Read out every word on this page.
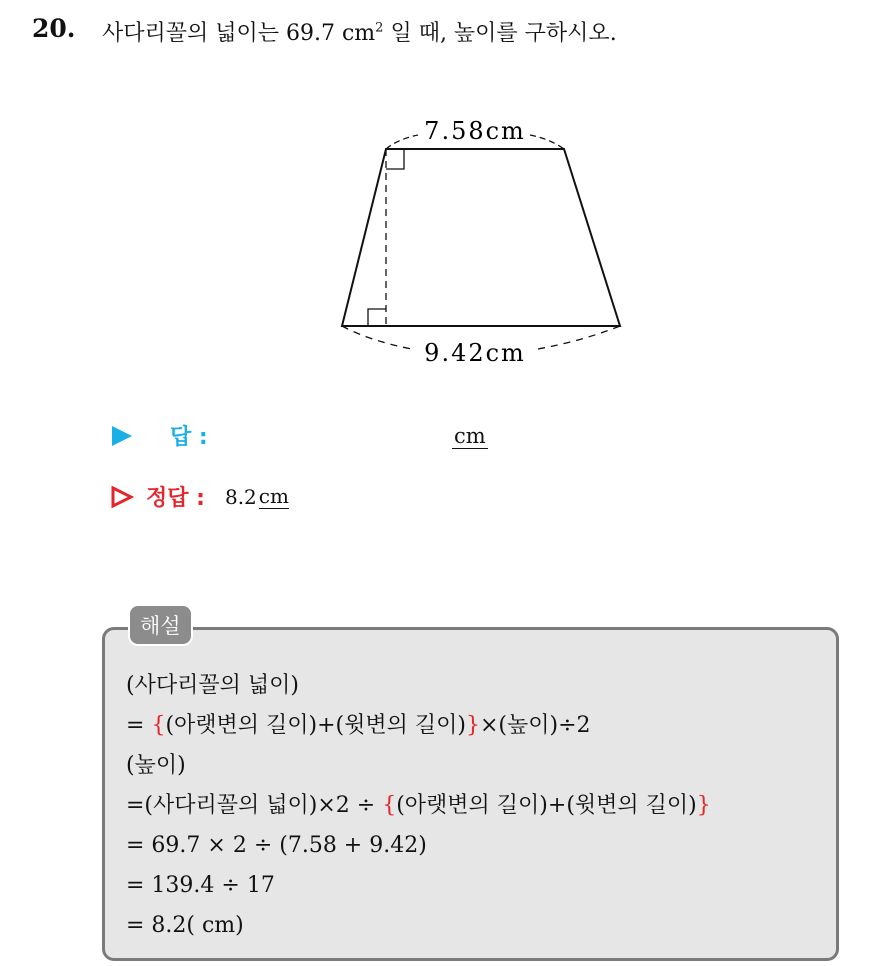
20. 사다리꼴의 넓이는 69.7 $cm^2$ 일 때, 높이를 구하시오.
7.58cm
9.42cm
답 :	cm
정답 : 8.2 cm
해설
(사다리꼴의 넓이)
= {(아랫변의 길이)+(윗변의 길이)}×(높이)÷2
(높이)
=(사다리꼴의 넓이)×2 ÷ {(아랫변의 길이)+(윗변의 길이)}
= 69.7 × 2 ÷ (7.58 + 9.42)
= 139.4 ÷ 17
= 8.2( cm)
